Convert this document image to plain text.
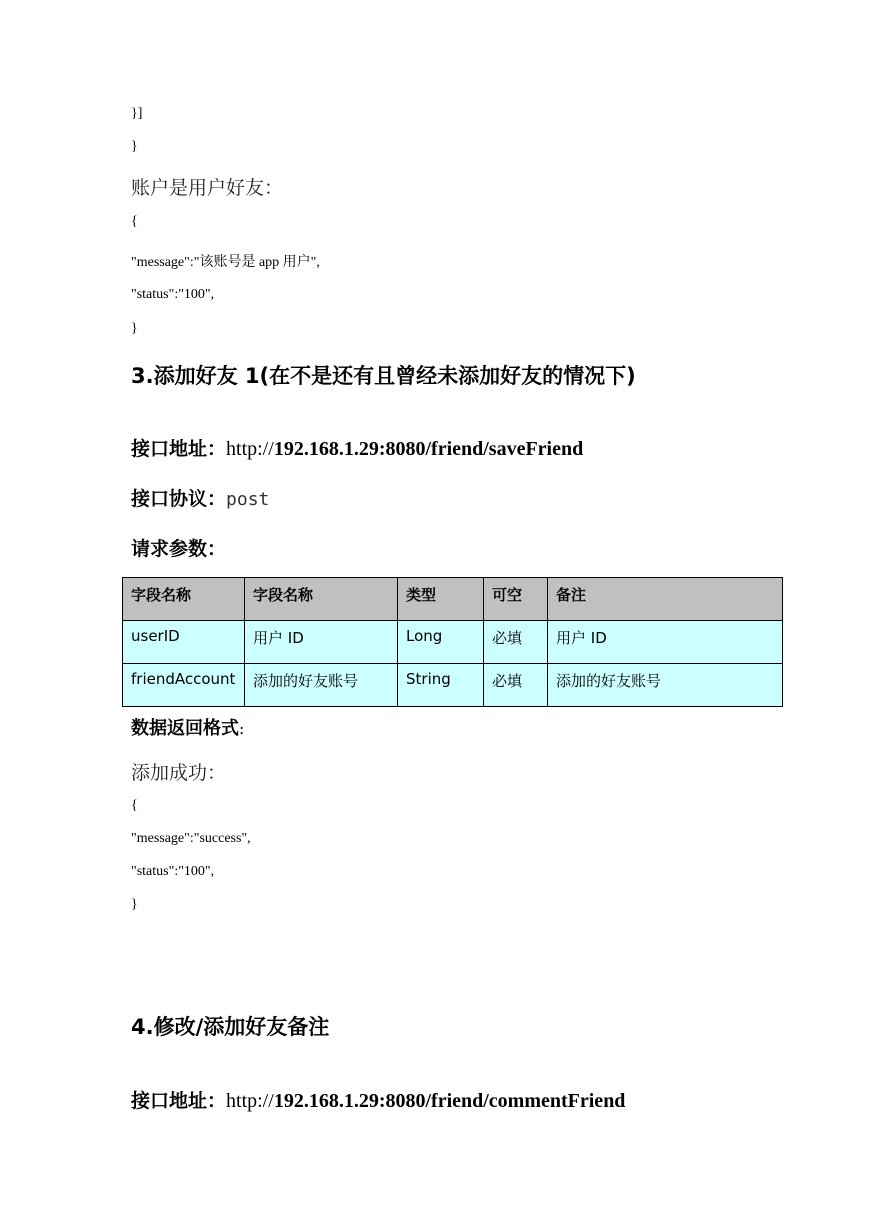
}]
}
账户是用户好友：
{
"message":"该账号是 app 用户",
"status":"100",
}
3.添加好友 1(在不是还有且曾经未添加好友的情况下)
接口地址：http://192.168.1.29:8080/friend/saveFriend
接口协议：post
请求参数：
字段名称	字段名称	类型	可空	备注
userID	用户 ID	Long	必填	用户 ID
friendAccount	添加的好友账号	String	必填	添加的好友账号
数据返回格式:
添加成功：
{
"message":"success",
"status":"100",
}
4.修改/添加好友备注
接口地址：http://192.168.1.29:8080/friend/commentFriend
